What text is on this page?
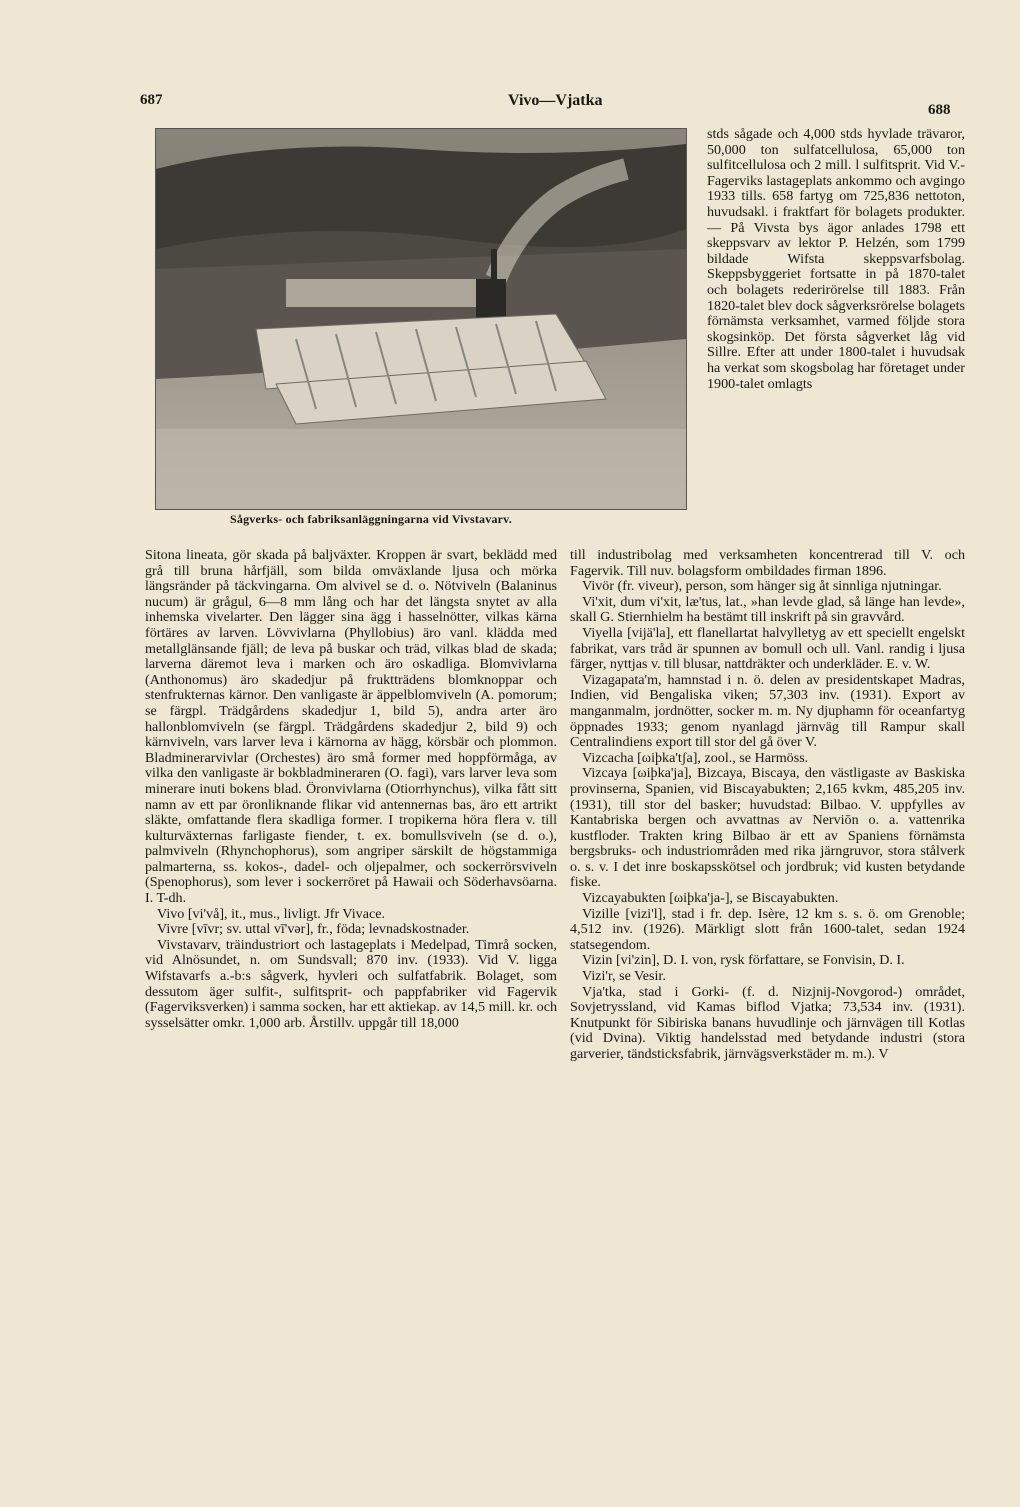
687	Vivo—Vjatka
688
Sågverks- och fabriksanläggningarna vid Vivstavarv.

stds sågade och 4,000 stds hyvlade trävaror, 50,000 ton sulfatcellulosa, 65,000 ton sulfitcellulosa och 2 mill. l sulfitsprit. Vid V.-Fagerviks lastageplats ankommo och avgingo 1933 tills. 658 fartyg om 725,836 nettoton, huvudsakl. i fraktfart för bolagets produkter. — På Vivsta bys ägor anlades 1798 ett skeppsvarv av lektor P. Helzén, som 1799 bildade Wifsta skeppsvarfsbolag. Skeppsbyggeriet fortsatte in på 1870-talet och bolagets rederirörelse till 1883. Från 1820-talet blev dock sågverksrörelse bolagets förnämsta verksamhet, varmed följde stora skogsinköp. Det första sågverket låg vid Sillre. Efter att under 1800-talet i huvudsak ha verkat som skogsbolag har företaget under 1900-talet omlagts

Sitona lineata, gör skada på baljväxter. Kroppen är svart, beklädd med grå till bruna hårfjäll, som bilda omväxlande ljusa och mörka längsränder på täckvingarna. Om alvivel se d. o. Nötviveln (Balaninus nucum) är grågul, 6—8 mm lång och har det längsta snytet av alla inhemska vivelarter. Den lägger sina ägg i hasselnötter, vilkas kärna förtäres av larven. Lövvivlarna (Phyllobius) äro vanl. klädda med metallglänsande fjäll; de leva på buskar och träd, vilkas blad de skada; larverna däremot leva i marken och äro oskadliga. Blomvivlarna (Anthonomus) äro skadedjur på fruktträdens blomknoppar och stenfrukternas kärnor. Den vanligaste är äppelblomviveln (A. pomorum; se färgpl. Trädgårdens skadedjur 1, bild 5), andra arter äro hallonblomviveln (se färgpl. Trädgårdens skadedjur 2, bild 9) och kärnviveln, vars larver leva i kärnorna av hägg, körsbär och plommon. Bladminerarvivlar (Orchestes) äro små former med hoppförmåga, av vilka den vanligaste är bokbladmineraren (O. fagi), vars larver leva som minerare inuti bokens blad. Öronvivlarna (Otiorrhynchus), vilka fått sitt namn av ett par öronliknande flikar vid antennernas bas, äro ett artrikt släkte, omfattande flera skadliga former. I tropikerna höra flera v. till kulturväxternas farligaste fiender, t. ex. bomullsviveln (se d. o.), palmviveln (Rhynchophorus), som angriper särskilt de högstammiga palmarterna, ss. kokos-, dadel- och oljepalmer, och sockerrörsviveln (Spenophorus), som lever i sockerröret på Hawaii och Söderhavsöarna. I. T-dh.

Vivo [vi'vå], it., mus., livligt. Jfr Vivace.

Vivre [vīvr; sv. uttal vī'vər], fr., föda; levnadskostnader.

Vivstavarv, träindustriort och lastageplats i Medelpad, Timrå socken, vid Alnösundet, n. om Sundsvall; 870 inv. (1933). Vid V. ligga Wifstavarfs a.-b:s sågverk, hyvleri och sulfatfabrik. Bolaget, som dessutom äger sulfit-, sulfitsprit- och pappfabriker vid Fagervik (Fagerviksverken) i samma socken, har ett aktiekap. av 14,5 mill. kr. och sysselsätter omkr. 1,000 arb. Årstillv. uppgår till 18,000

till industribolag med verksamheten koncentrerad till V. och Fagervik. Till nuv. bolagsform ombildades firman 1896.

Vivör (fr. viveur), person, som hänger sig åt sinnliga njutningar.

Vi'xit, dum vi'xit, læ'tus, lat., »han levde glad, så länge han levde», skall G. Stiernhielm ha bestämt till inskrift på sin gravvård.

Viyella [vijä'la], ett flanellartat halvylletyg av ett speciellt engelskt fabrikat, vars tråd är spunnen av bomull och ull. Vanl. randig i ljusa färger, nyttjas v. till blusar, nattdräkter och underkläder. E. v. W.

Vizagapata'm, hamnstad i n. ö. delen av presidentskapet Madras, Indien, vid Bengaliska viken; 57,303 inv. (1931). Export av manganmalm, jordnötter, socker m. m. Ny djuphamn för oceanfartyg öppnades 1933; genom nyanlagd järnväg till Rampur skall Centralindiens export till stor del gå över V.

Vizcacha [ωiþka'tʃa], zool., se Harmöss.

Vizcaya [ωiþka'ja], Bizcaya, Biscaya, den västligaste av Baskiska provinserna, Spanien, vid Biscayabukten; 2,165 kvkm, 485,205 inv. (1931), till stor del basker; huvudstad: Bilbao. V. uppfylles av Kantabriska bergen och avvattnas av Nerviōn o. a. vattenrika kustfloder. Trakten kring Bilbao är ett av Spaniens förnämsta bergsbruks- och industriområden med rika järngruvor, stora stålverk o. s. v. I det inre boskapsskötsel och jordbruk; vid kusten betydande fiske.

Vizcayabukten [ωiþka'ja-], se Biscayabukten.

Vizille [vizi'l], stad i fr. dep. Isère, 12 km s. s. ö. om Grenoble; 4,512 inv. (1926). Märkligt slott från 1600-talet, sedan 1924 statsegendom.

Vizin [vi'zin], D. I. von, rysk författare, se Fonvisin, D. I.

Vizi'r, se Vesir.

Vja'tka, stad i Gorki- (f. d. Nizjnij-Novgorod-) området, Sovjetryssland, vid Kamas biflod Vjatka; 73,534 inv. (1931). Knutpunkt för Sibiriska banans huvudlinje och järnvägen till Kotlas (vid Dvina). Viktig handelsstad med betydande industri (stora garverier, tändsticksfabrik, järnvägsverkstäder m. m.). V
